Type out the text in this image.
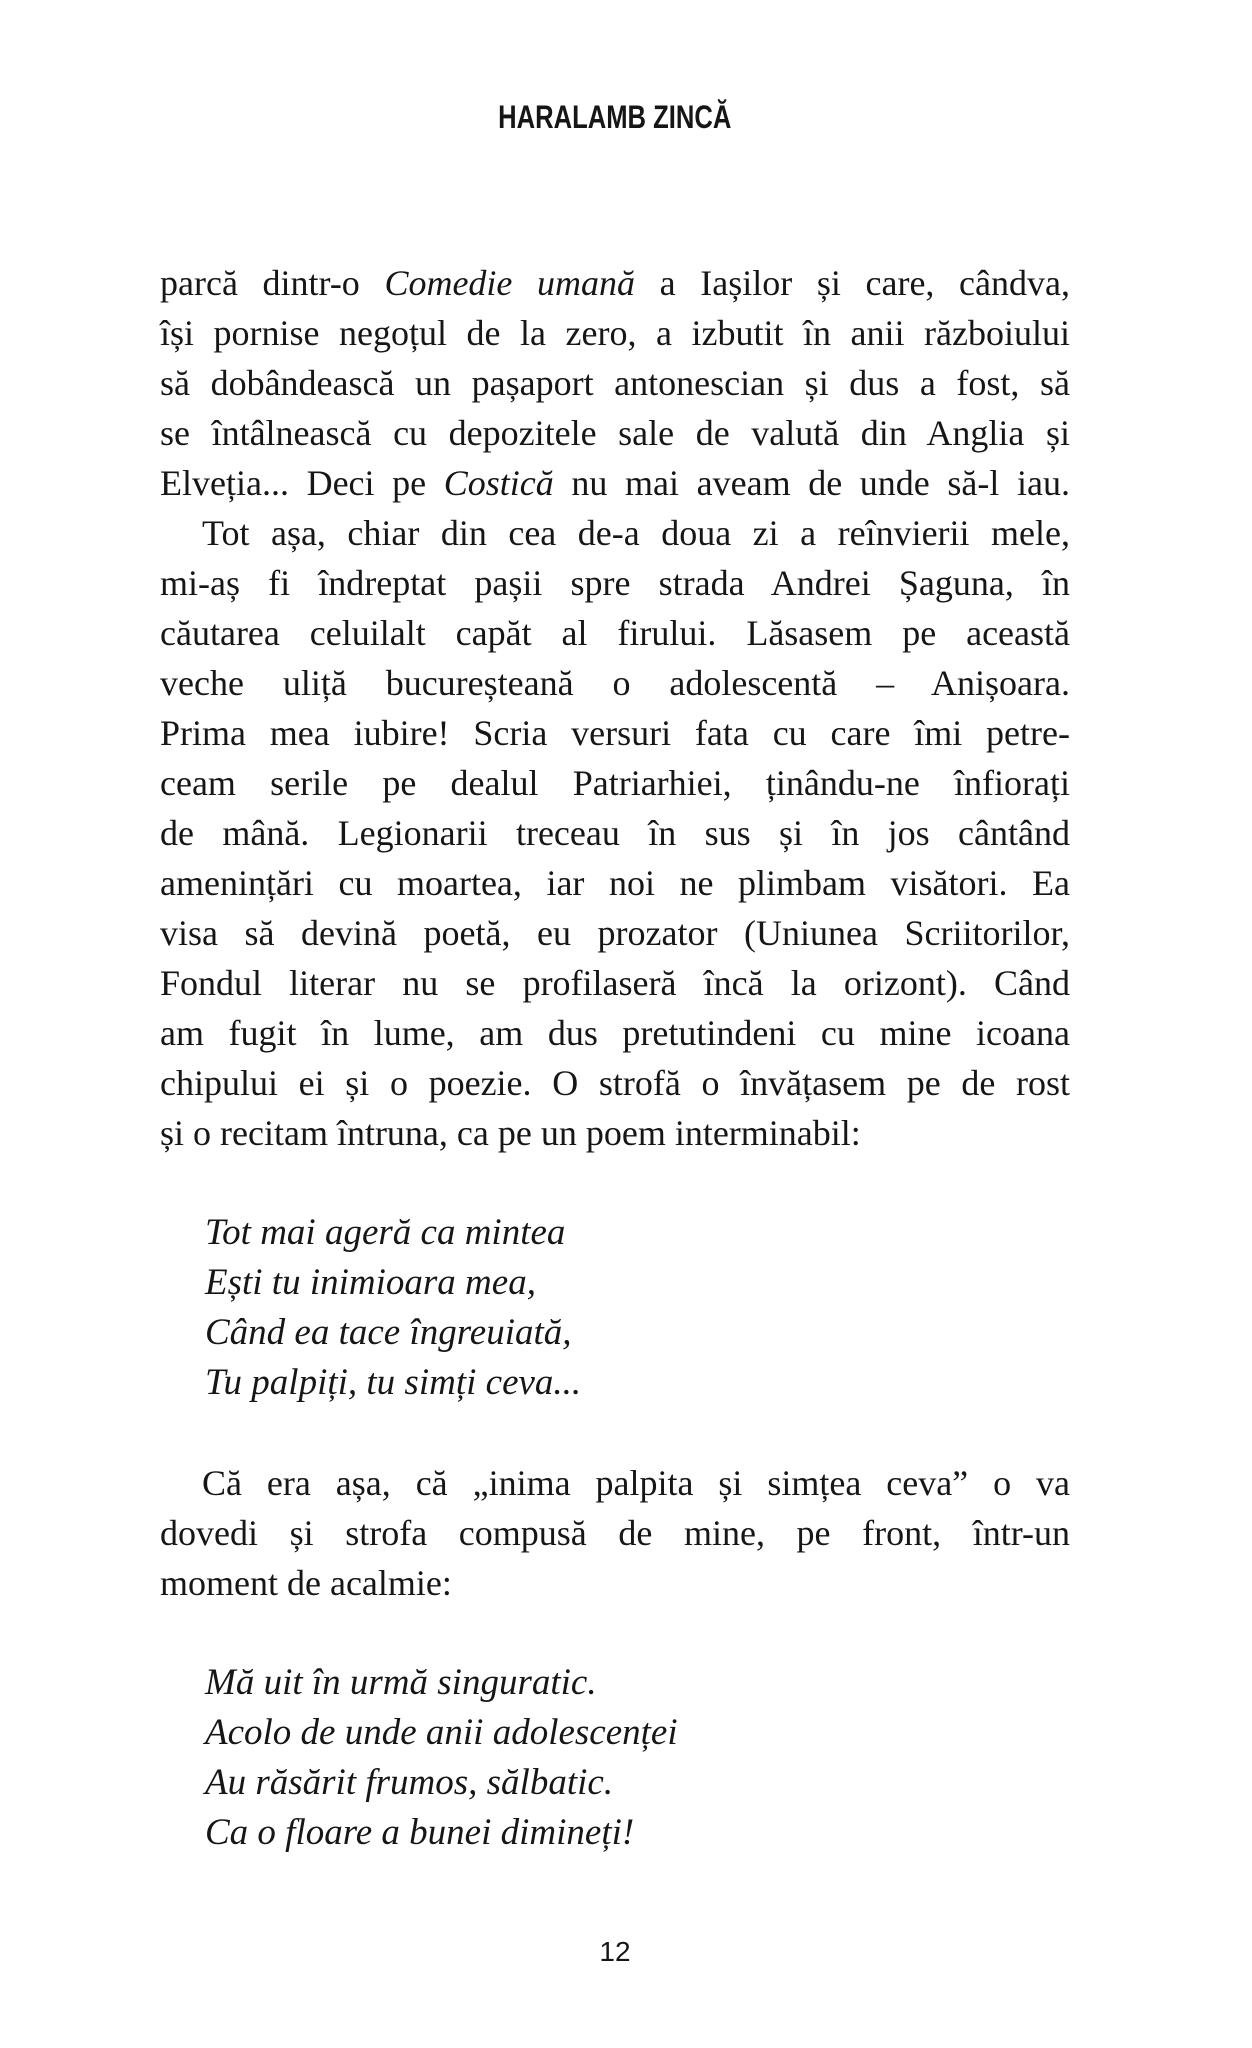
HARALAMB ZINCĂ
parcă dintr-o Comedie umană a Iașilor și care, cândva,
își pornise negoțul de la zero, a izbutit în anii războiului
să dobândească un pașaport antonescian și dus a fost, să
se întâlnească cu depozitele sale de valută din Anglia și
Elveția... Deci pe Costică nu mai aveam de unde să-l iau.
Tot așa, chiar din cea de-a doua zi a reînvierii mele,
mi-aș fi îndreptat pașii spre strada Andrei Șaguna, în
căutarea celuilalt capăt al firului. Lăsasem pe această
veche uliță bucureșteană o adolescentă – Anișoara.
Prima mea iubire! Scria versuri fata cu care îmi petre-
ceam serile pe dealul Patriarhiei, ținându-ne înfiorați
de mână. Legionarii treceau în sus și în jos cântând
amenințări cu moartea, iar noi ne plimbam visători. Ea
visa să devină poetă, eu prozator (Uniunea Scriitorilor,
Fondul literar nu se profilaseră încă la orizont). Când
am fugit în lume, am dus pretutindeni cu mine icoana
chipului ei și o poezie. O strofă o învățasem pe de rost
și o recitam întruna, ca pe un poem interminabil:
Tot mai ageră ca mintea
Ești tu inimioara mea,
Când ea tace îngreuiată,
Tu palpiți, tu simți ceva...
Că era așa, că „inima palpita și simțea ceva” o va
dovedi și strofa compusă de mine, pe front, într-un
moment de acalmie:
Mă uit în urmă singuratic.
Acolo de unde anii adolescenței
Au răsărit frumos, sălbatic.
Ca o floare a bunei dimineți!
12
